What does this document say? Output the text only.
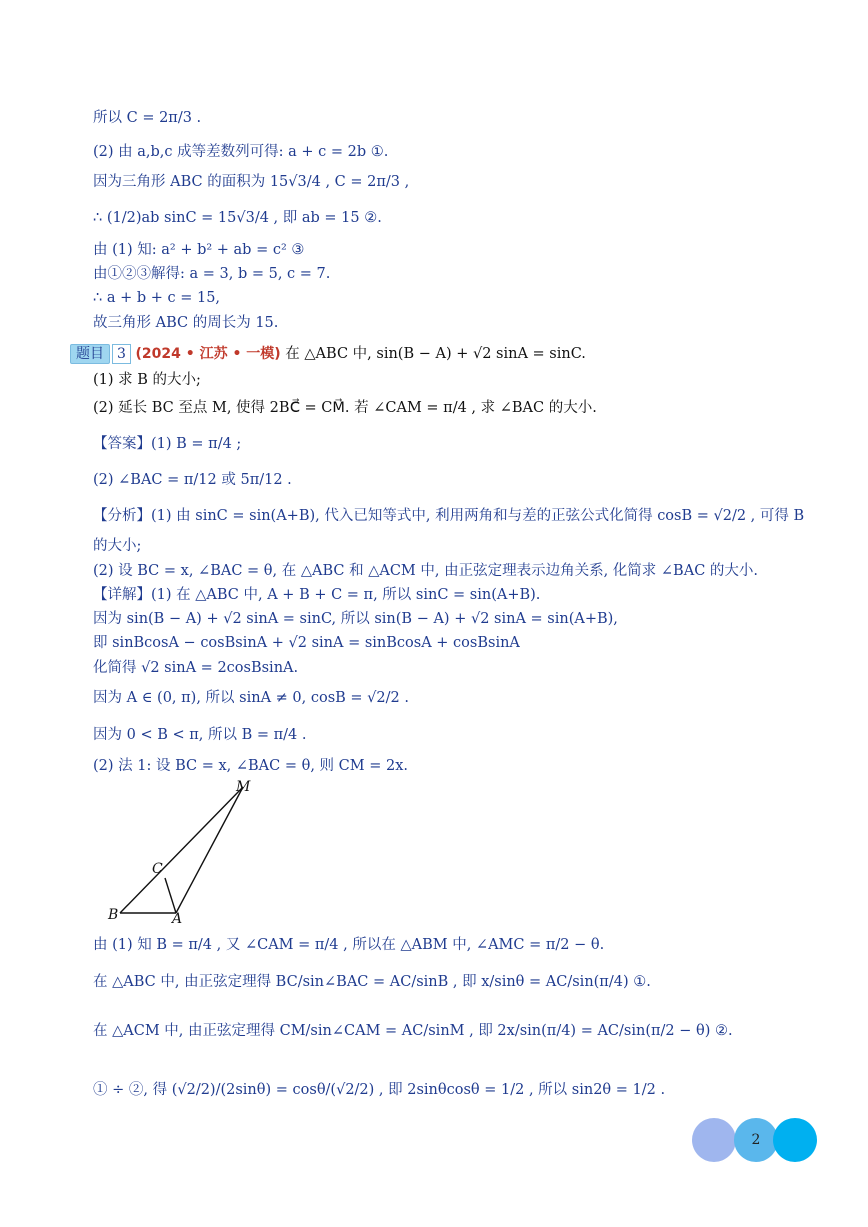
所以 C = 2π/3 .
(2) 由 a,b,c 成等差数列可得: a + c = 2b ①.
因为三角形 ABC 的面积为 15√3/4 , C = 2π/3 ,
∴ (1/2)ab sinC = 15√3/4 , 即 ab = 15 ②.
由 (1) 知: a² + b² + ab = c² ③
由①②③解得: a = 3, b = 5, c = 7.
∴ a + b + c = 15,
故三角形 ABC 的周长为 15.
题目 3 (2024 • 江苏 • 一模) 在 △ABC 中, sin(B − A) + √2 sinA = sinC.
(1) 求 B 的大小;
(2) 延长 BC 至点 M, 使得 2BC⃗ = CM⃗. 若 ∠CAM = π/4 , 求 ∠BAC 的大小.
【答案】(1) B = π/4 ;
(2) ∠BAC = π/12 或 5π/12 .
【分析】(1) 由 sinC = sin(A+B), 代入已知等式中, 利用两角和与差的正弦公式化简得 cosB = √2/2 , 可得 B
的大小;
(2) 设 BC = x, ∠BAC = θ, 在 △ABC 和 △ACM 中, 由正弦定理表示边角关系, 化简求 ∠BAC 的大小.
【详解】(1) 在 △ABC 中, A + B + C = π, 所以 sinC = sin(A+B).
因为 sin(B − A) + √2 sinA = sinC, 所以 sin(B − A) + √2 sinA = sin(A+B),
即 sinBcosA − cosBsinA + √2 sinA = sinBcosA + cosBsinA
化简得 √2 sinA = 2cosBsinA.
因为 A ∈ (0, π), 所以 sinA ≠ 0, cosB = √2/2 .
因为 0 < B < π, 所以 B = π/4 .
(2) 法 1: 设 BC = x, ∠BAC = θ, 则 CM = 2x.
由 (1) 知 B = π/4 , 又 ∠CAM = π/4 , 所以在 △ABM 中, ∠AMC = π/2 − θ.
在 △ABC 中, 由正弦定理得 BC/sin∠BAC = AC/sinB , 即 x/sinθ = AC/sin(π/4) ①.
在 △ACM 中, 由正弦定理得 CM/sin∠CAM = AC/sinM , 即 2x/sin(π/4) = AC/sin(π/2 − θ) ②.
① ÷ ②, 得 (√2/2)/(2sinθ) = cosθ/(√2/2) , 即 2sinθcosθ = 1/2 , 所以 sin2θ = 1/2 .
M
C
B	A
2
